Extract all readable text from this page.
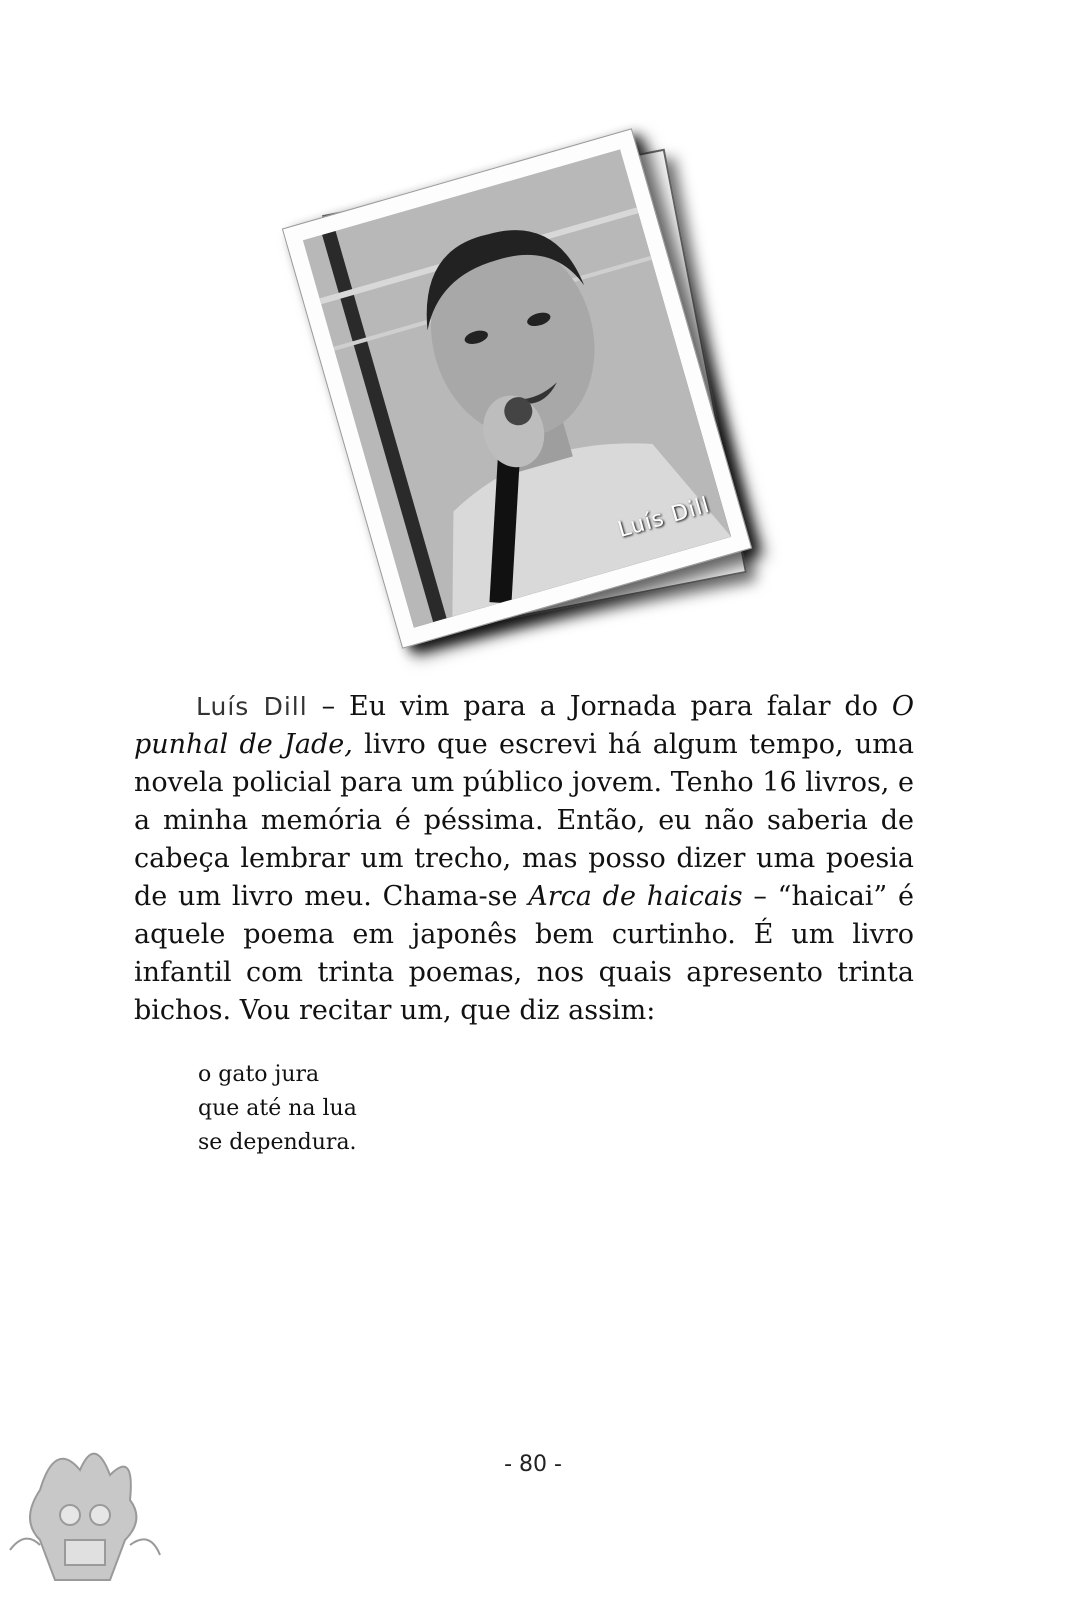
Luís Dill

Luís Dill – Eu vim para a Jornada para falar do O punhal de Jade, livro que escrevi há algum tempo, uma novela policial para um público jovem. Tenho 16 livros, e a minha memória é péssima. Então, eu não saberia de cabeça lembrar um trecho, mas posso dizer uma poesia de um livro meu. Chama-se Arca de haicais – “haicai” é aquele poema em japonês bem curtinho. É um livro infantil com trinta poemas, nos quais apresento trinta bichos. Vou recitar um, que diz assim:

o gato jura
que até na lua
se dependura.
- 80 -
